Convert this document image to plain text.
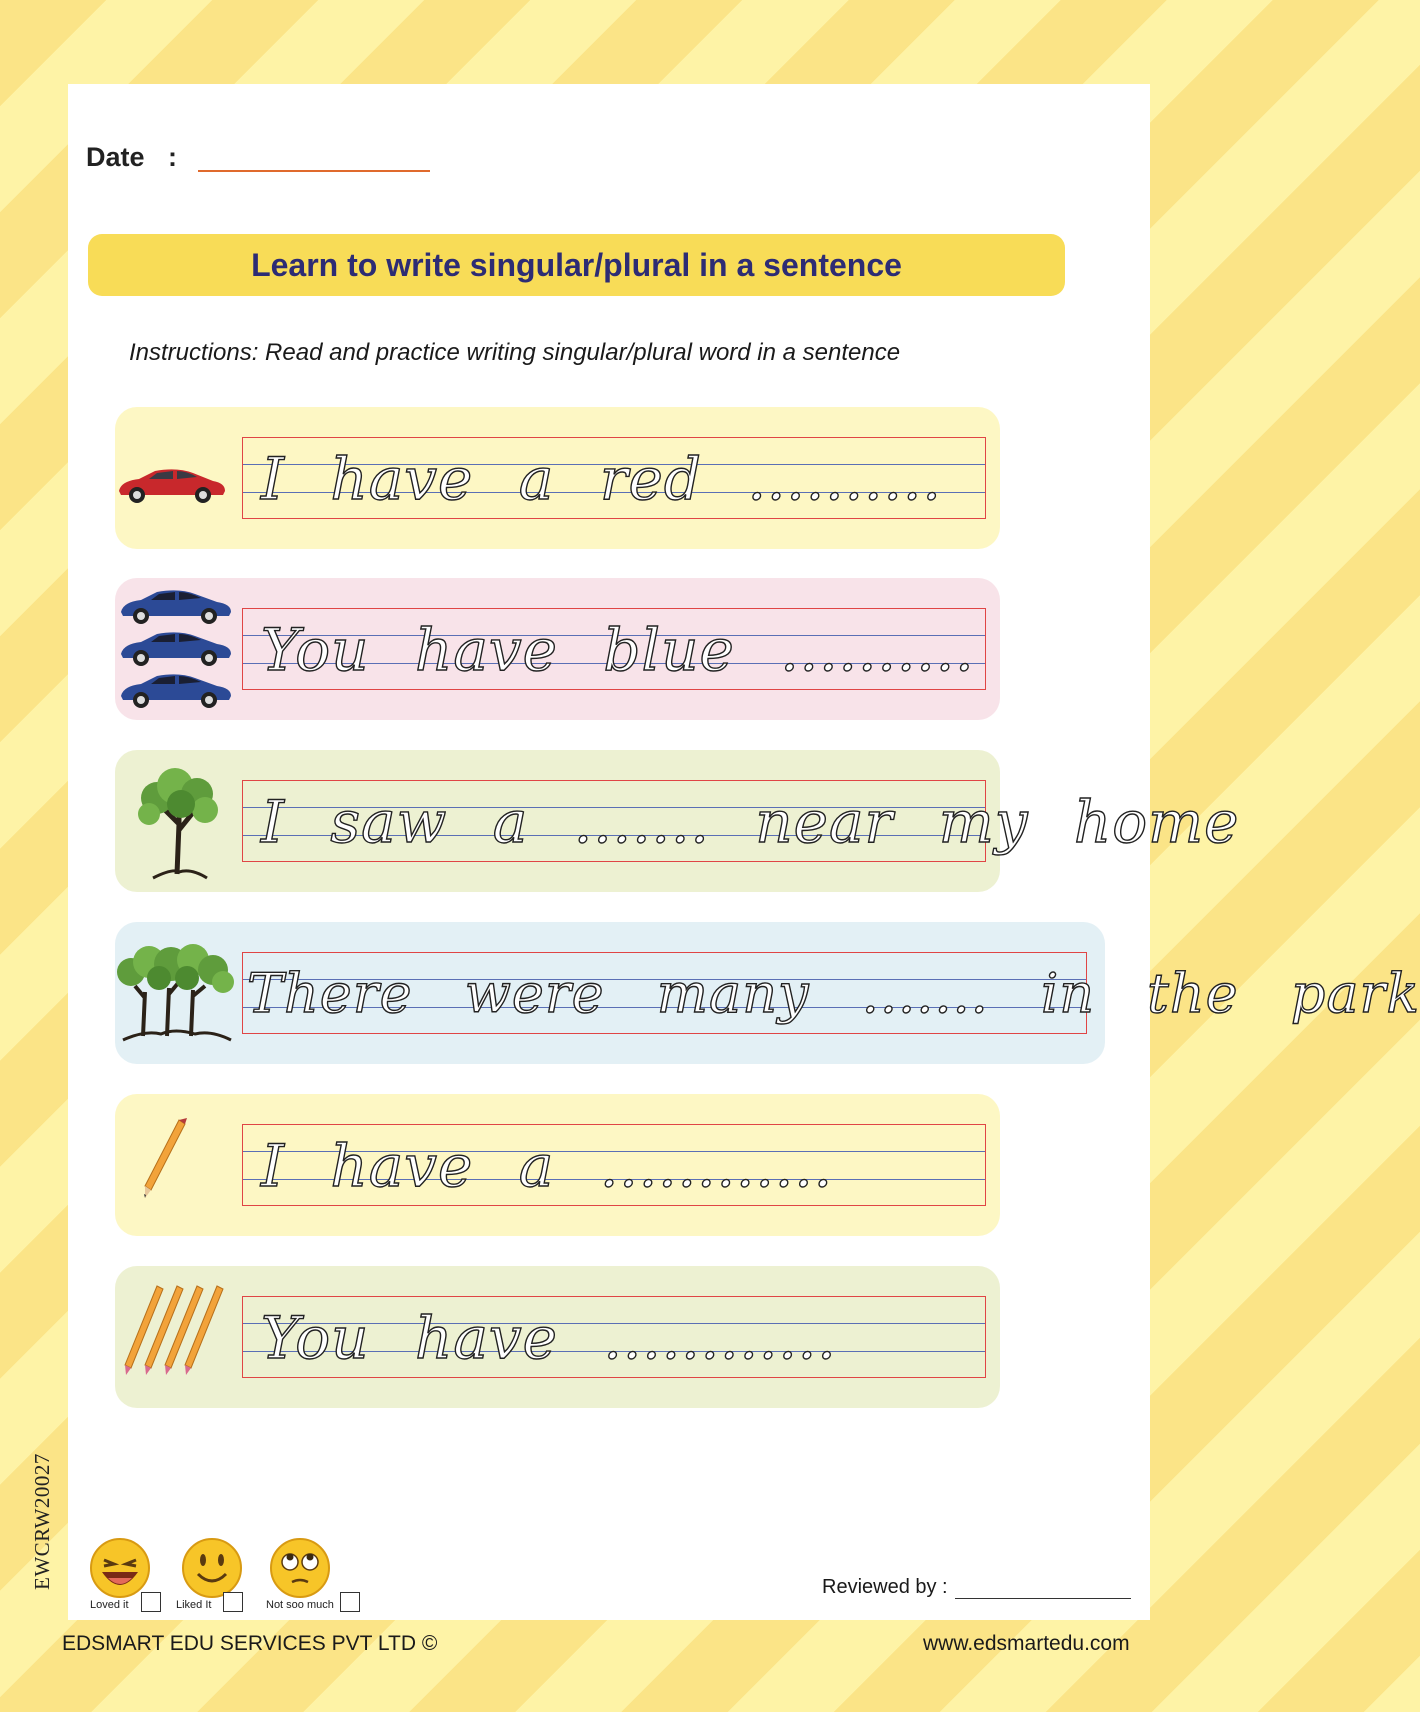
Date :
Learn to write singular/plural in a sentence
Instructions: Read and practice writing singular/plural word in a sentence
I have a red ..........
You have blue ..........
I saw a ....... near my home
There were many ....... in the park
I have a ............
You have ............
EWCRW20027
Loved it	Liked It	Not soo much
Reviewed by :
EDSMART EDU SERVICES PVT LTD ©	www.edsmartedu.com
